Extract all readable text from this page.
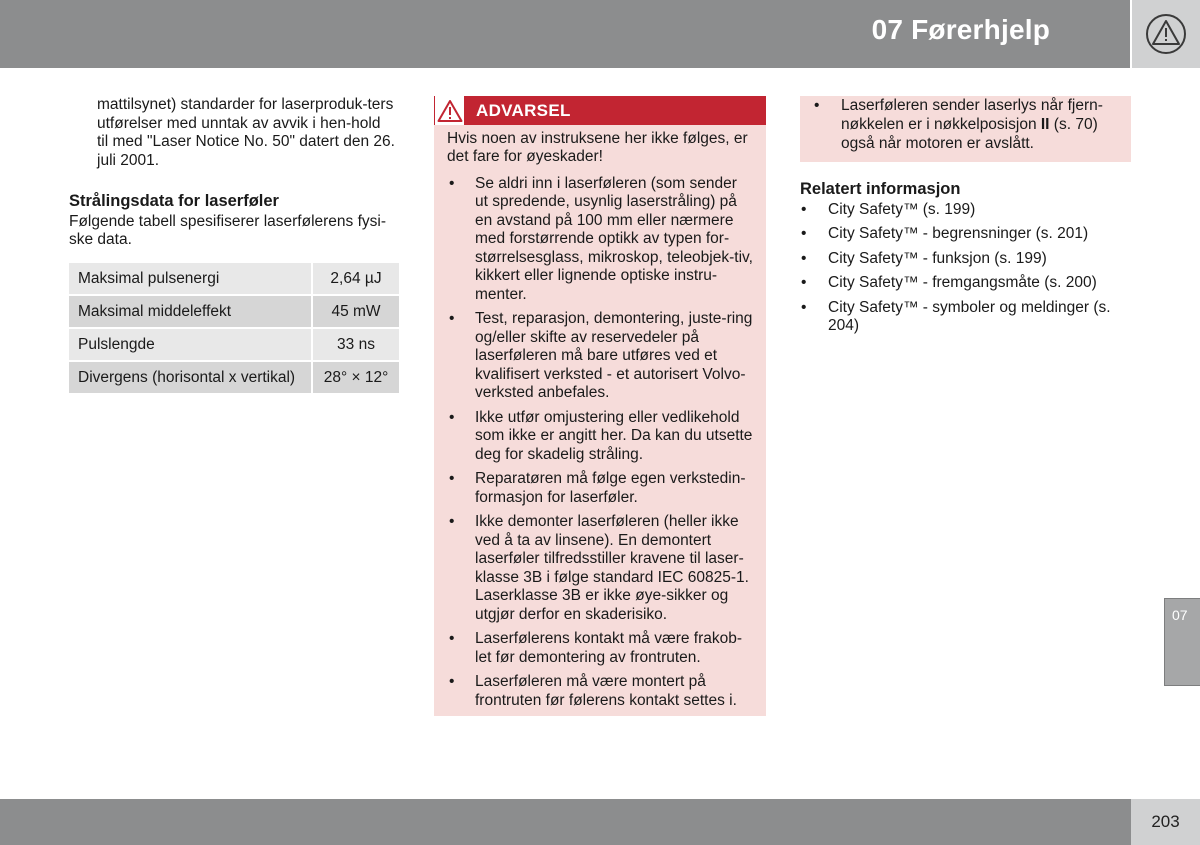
07 Førerhjelp

mattilsynet) standarder for laserproduk-ters utførelser med unntak av avvik i hen-hold til med "Laser Notice No. 50" datert den 26. juli 2001.

Strålingsdata for laserføler

Følgende tabell spesifiserer laserfølerens fysi-ske data.

Maksimal pulsenergi	2,64 µJ
Maksimal middeleffekt	45 mW
Pulslengde	33 ns
Divergens (horisontal x vertikal)	28° × 12°
ADVARSEL

Hvis noen av instruksene her ikke følges, er det fare for øyeskader!

• Se aldri inn i laserføleren (som sender ut spredende, usynlig laserstråling) på en avstand på 100 mm eller nærmere med forstørrende optikk av typen for-størrelsesglass, mikroskop, teleobjek-tiv, kikkert eller lignende optiske instru-menter.
• Test, reparasjon, demontering, juste-ring og/eller skifte av reservedeler på laserføleren må bare utføres ved et kvalifisert verksted - et autorisert Volvo-verksted anbefales.
• Ikke utfør omjustering eller vedlikehold som ikke er angitt her. Da kan du utsette deg for skadelig stråling.
• Reparatøren må følge egen verkstedin-formasjon for laserføler.
• Ikke demonter laserføleren (heller ikke ved å ta av linsene). En demontert laserføler tilfredsstiller kravene til laser-klasse 3B i følge standard IEC 60825-1. Laserklasse 3B er ikke øye-sikker og utgjør derfor en skaderisiko.
• Laserfølerens kontakt må være frakob-let før demontering av frontruten.
• Laserføleren må være montert på frontruten før følerens kontakt settes i.
• Laserføleren sender laserlys når fjern-nøkkelen er i nøkkelposisjon II (s. 70) også når motoren er avslått.
Relatert informasjon
• City Safety™ (s. 199)
• City Safety™ - begrensninger (s. 201)
• City Safety™ - funksjon (s. 199)
• City Safety™ - fremgangsmåte (s. 200)
• City Safety™ - symboler og meldinger (s. 204)
07
203
